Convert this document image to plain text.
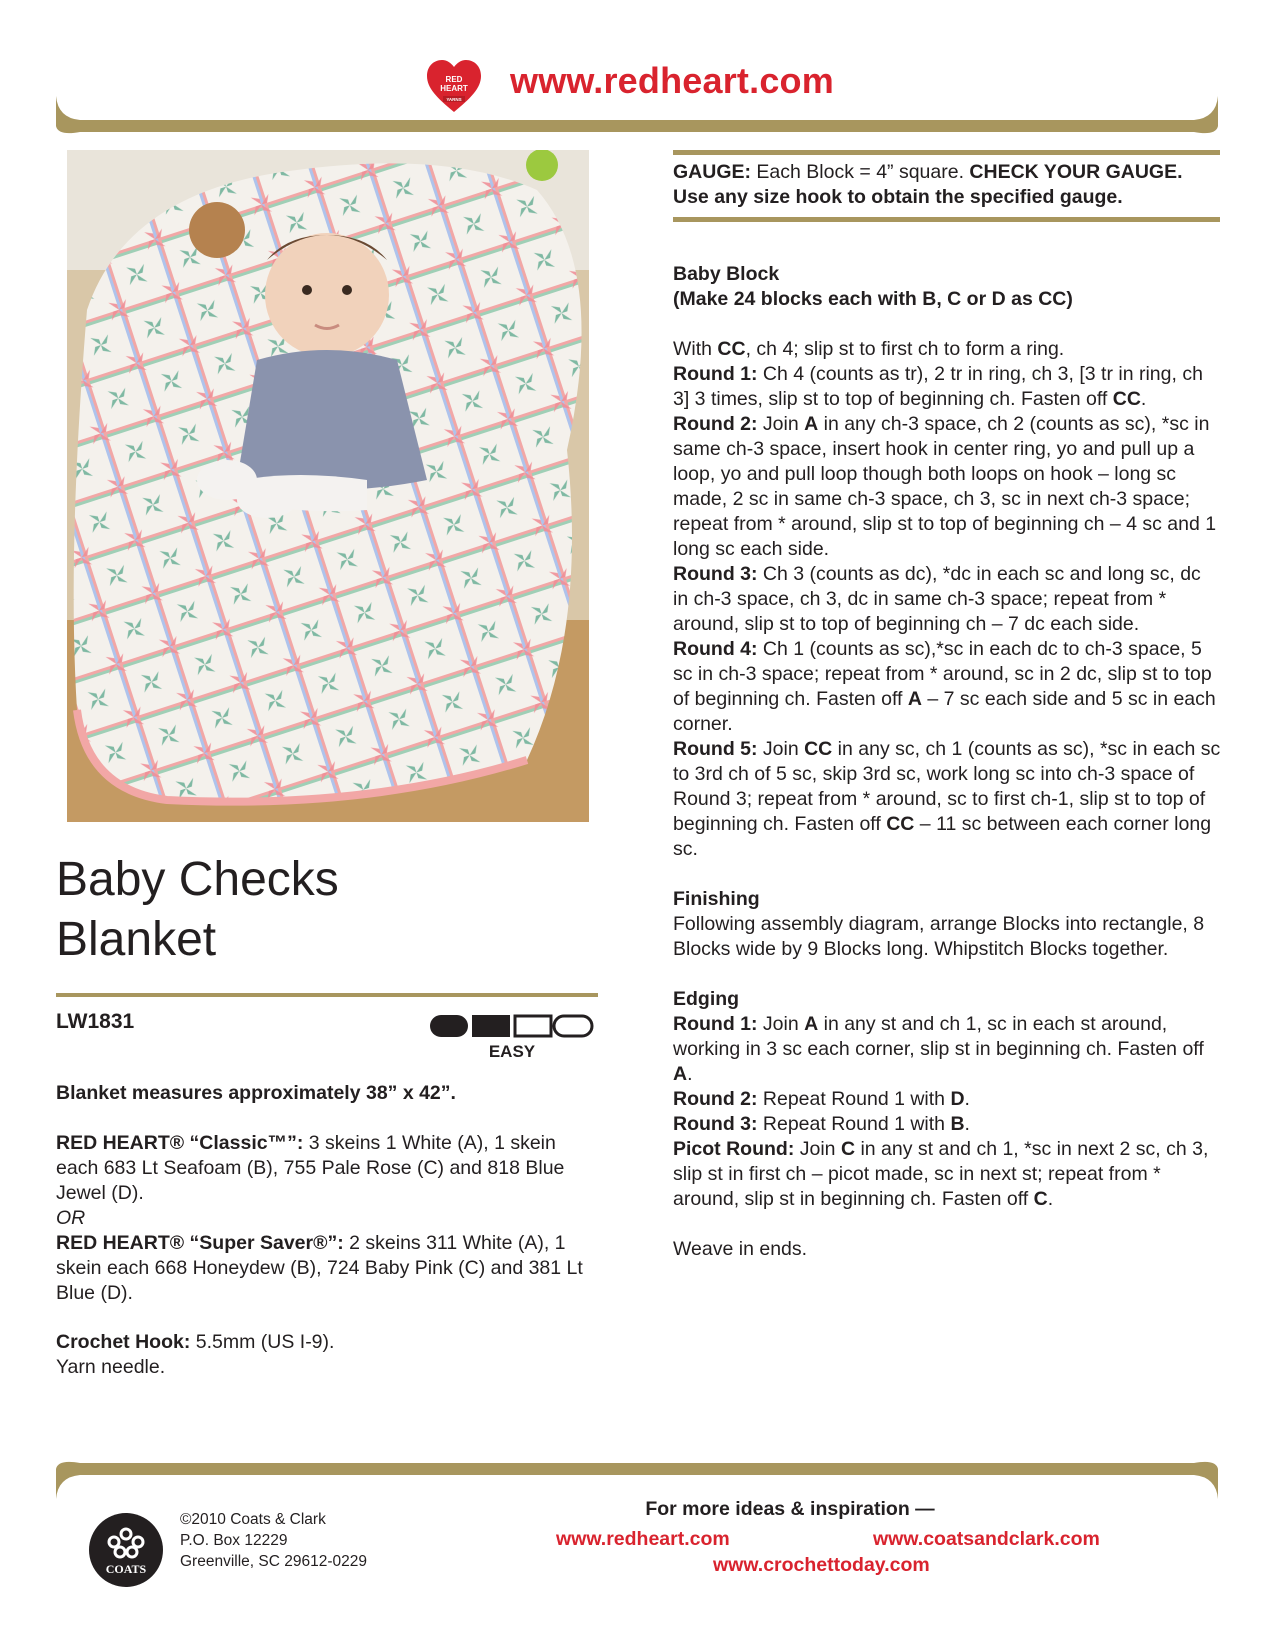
RED
HEART
YARNS www.redheart.com
Baby Checks
Blanket
LW1831
EASY
Blanket measures approximately 38” x 42”.
RED HEART® “Classic™”: 3 skeins 1 White (A), 1 skein each 683 Lt Seafoam (B), 755 Pale Rose (C) and 818 Blue Jewel (D).
OR
RED HEART® “Super Saver®”: 2 skeins 311 White (A), 1 skein each 668 Honeydew (B), 724 Baby Pink (C) and 381 Lt Blue (D).
Crochet Hook: 5.5mm (US I-9).
Yarn needle.
GAUGE: Each Block = 4” square. CHECK YOUR GAUGE.
Use any size hook to obtain the specified gauge.
Baby Block
(Make 24 blocks each with B, C or D as CC)

With CC, ch 4; slip st to first ch to form a ring.
Round 1: Ch 4 (counts as tr), 2 tr in ring, ch 3, [3 tr in ring, ch 3] 3 times, slip st to top of beginning ch. Fasten off CC.
Round 2: Join A in any ch-3 space, ch 2 (counts as sc), *sc in same ch-3 space, insert hook in center ring, yo and pull up a loop, yo and pull loop though both loops on hook – long sc made, 2 sc in same ch-3 space, ch 3, sc in next ch-3 space; repeat from * around, slip st to top of beginning ch – 4 sc and 1 long sc each side.
Round 3: Ch 3 (counts as dc), *dc in each sc and long sc, dc in ch-3 space, ch 3, dc in same ch-3 space; repeat from * around, slip st to top of beginning ch – 7 dc each side.
Round 4: Ch 1 (counts as sc),*sc in each dc to ch-3 space, 5 sc in ch-3 space; repeat from * around, sc in 2 dc, slip st to top of beginning ch. Fasten off A – 7 sc each side and 5 sc in each corner.
Round 5: Join CC in any sc, ch 1 (counts as sc), *sc in each sc to 3rd ch of 5 sc, skip 3rd sc, work long sc into ch-3 space of Round 3; repeat from * around, sc to first ch-1, slip st to top of beginning ch. Fasten off CC – 11 sc between each corner long sc.

Finishing
Following assembly diagram, arrange Blocks into rectangle, 8 Blocks wide by 9 Blocks long. Whipstitch Blocks together.

Edging
Round 1: Join A in any st and ch 1, sc in each st around, working in 3 sc each corner, slip st in beginning ch. Fasten off A.
Round 2: Repeat Round 1 with D.
Round 3: Repeat Round 1 with B.
Picot Round: Join C in any st and ch 1, *sc in next 2 sc, ch 3, slip st in first ch – picot made, sc in next st; repeat from * around, slip st in beginning ch. Fasten off C.

Weave in ends.
COATS
©2010 Coats & Clark
P.O. Box 12229
Greenville, SC 29612-0229
For more ideas & inspiration —
www.redheart.com	www.coatsandclark.com
www.crochettoday.com
